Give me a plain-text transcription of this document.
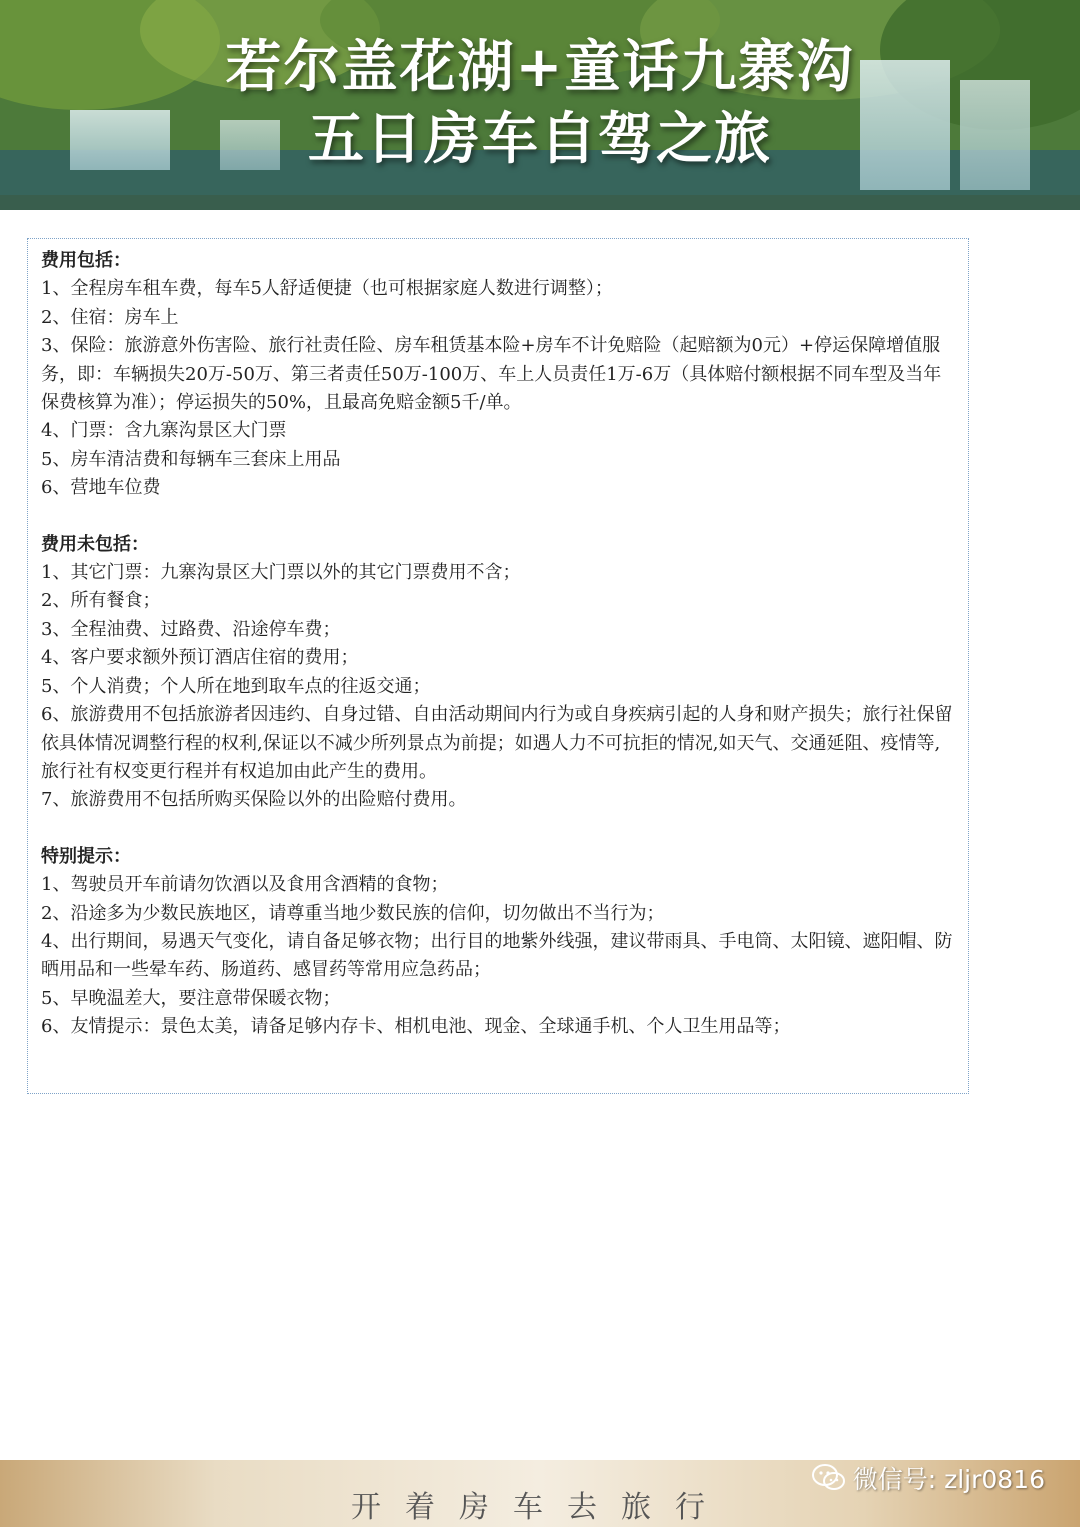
若尔盖花湖+童话九寨沟
五日房车自驾之旅
费用包括：

1、全程房车租车费，每车5人舒适便捷（也可根据家庭人数进行调整）；

2、住宿：房车上

3、保险：旅游意外伤害险、旅行社责任险、房车租赁基本险+房车不计免赔险（起赔额为0元）+停运保障增值服务，即：车辆损失20万-50万、第三者责任50万-100万、车上人员责任1万-6万（具体赔付额根据不同车型及当年保费核算为准）；停运损失的50%，且最高免赔金额5千/单。

4、门票：含九寨沟景区大门票

5、房车清洁费和每辆车三套床上用品

6、营地车位费

费用未包括：

1、其它门票：九寨沟景区大门票以外的其它门票费用不含；

2、所有餐食；

3、全程油费、过路费、沿途停车费；

4、客户要求额外预订酒店住宿的费用；

5、个人消费；个人所在地到取车点的往返交通；

6、旅游费用不包括旅游者因违约、自身过错、自由活动期间内行为或自身疾病引起的人身和财产损失；旅行社保留依具体情况调整行程的权利,保证以不减少所列景点为前提；如遇人力不可抗拒的情况,如天气、交通延阻、疫情等,旅行社有权变更行程并有权追加由此产生的费用。

7、旅游费用不包括所购买保险以外的出险赔付费用。

特别提示：

1、驾驶员开车前请勿饮酒以及食用含酒精的食物；

2、沿途多为少数民族地区，请尊重当地少数民族的信仰，切勿做出不当行为；

4、出行期间，易遇天气变化，请自备足够衣物；出行目的地紫外线强，建议带雨具、手电筒、太阳镜、遮阳帽、防晒用品和一些晕车药、肠道药、感冒药等常用应急药品；

5、早晚温差大，要注意带保暖衣物；

6、友情提示：景色太美，请备足够内存卡、相机电池、现金、全球通手机、个人卫生用品等；

开着房车去旅行
微信号: zljr0816
